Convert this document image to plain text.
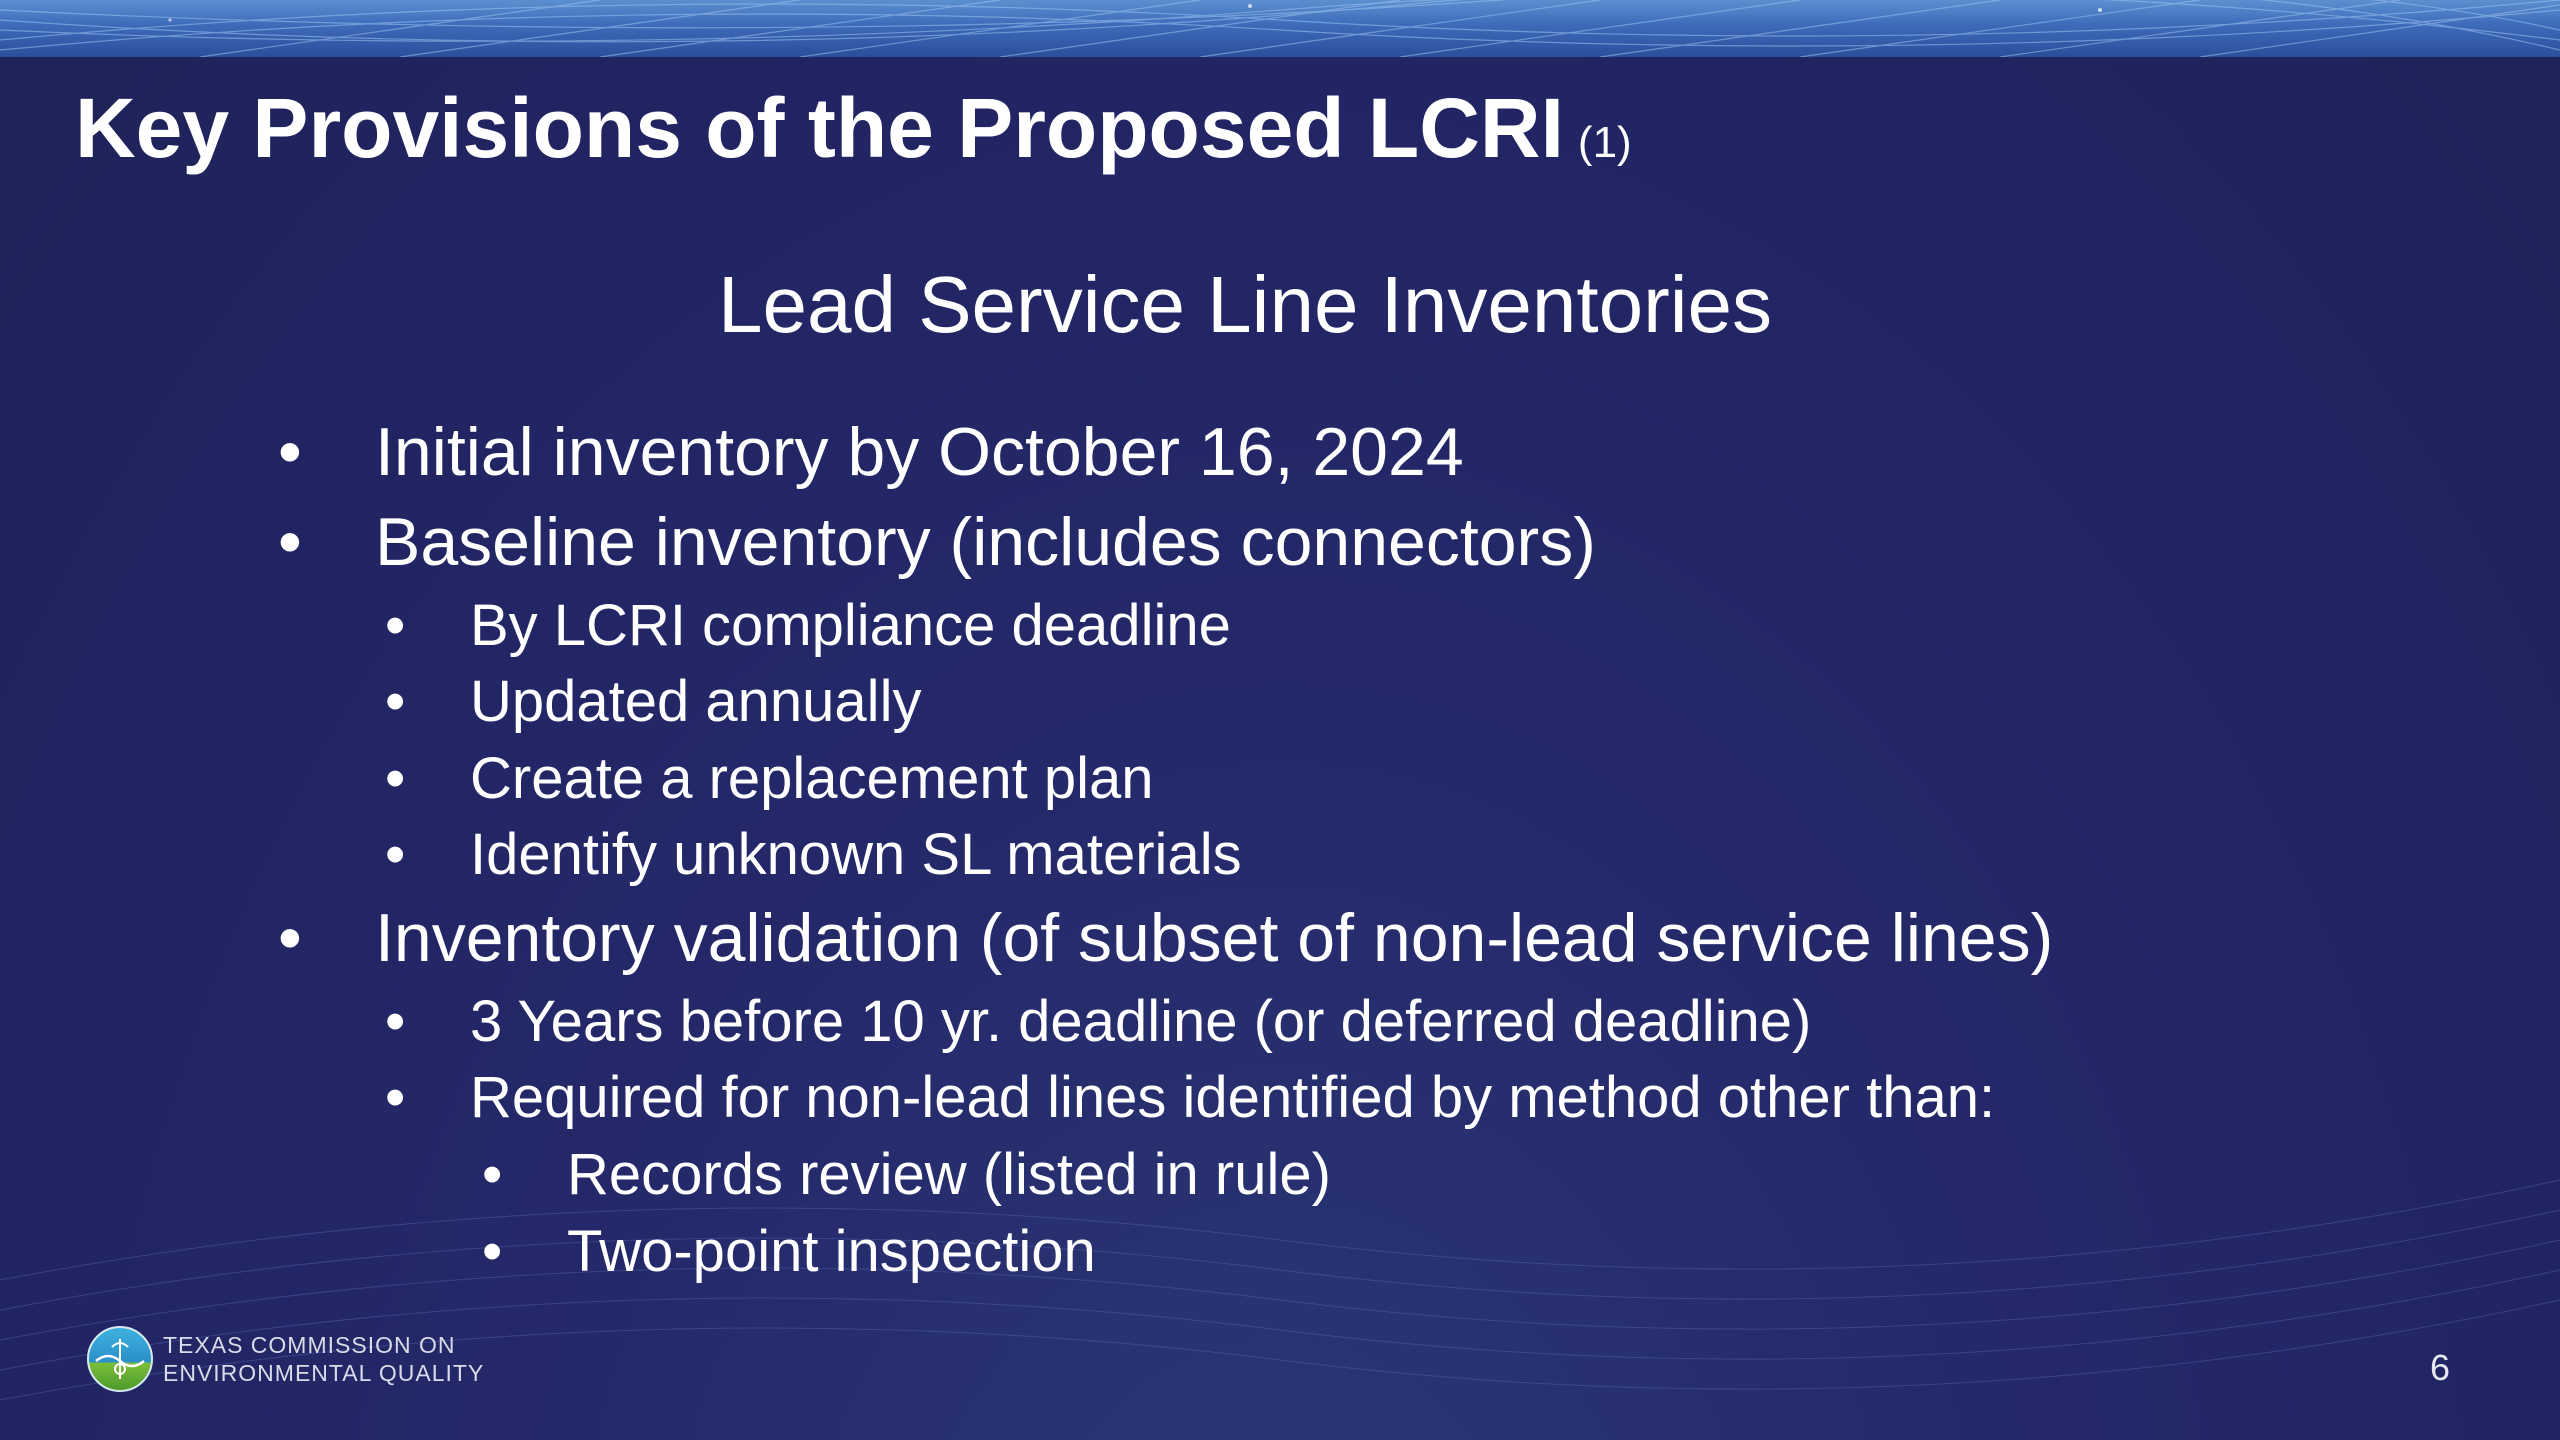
Key Provisions of the Proposed LCRI (1)
Lead Service Line Inventories
• Initial inventory by October 16, 2024
• Baseline inventory (includes connectors)
• By LCRI compliance deadline
• Updated annually
• Create a replacement plan
• Identify unknown SL materials
• Inventory validation (of subset of non-lead service lines)
• 3 Years before 10 yr. deadline (or deferred deadline)
• Required for non-lead lines identified by method other than:
• Records review (listed in rule)
• Two-point inspection
TEXAS COMMISSION ON
ENVIRONMENTAL QUALITY	6
